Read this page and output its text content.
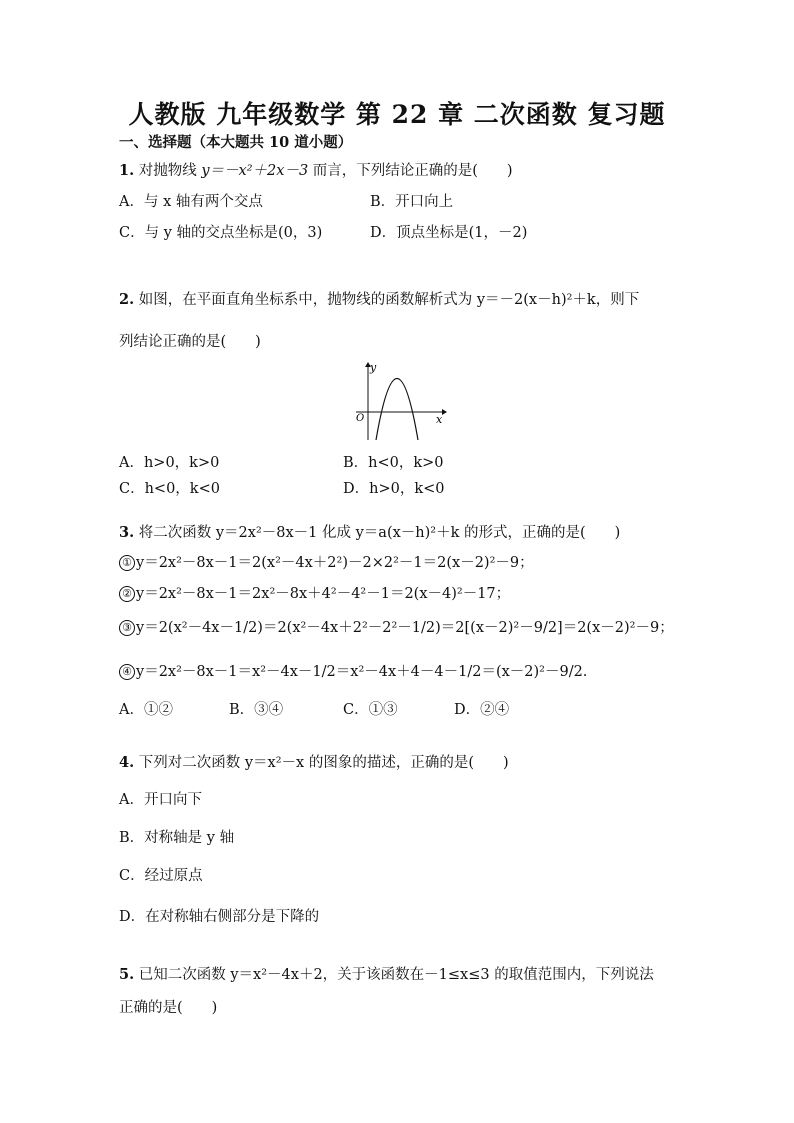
人教版 九年级数学 第 22 章 二次函数 复习题
一、选择题（本大题共 10 道小题）
1. 对抛物线 y＝－x²＋2x－3 而言，下列结论正确的是(　　)
A．与 x 轴有两个交点	B．开口向上
C．与 y 轴的交点坐标是(0，3)	D．顶点坐标是(1，－2)
2. 如图，在平面直角坐标系中，抛物线的函数解析式为 y＝－2(x－h)²＋k，则下
列结论正确的是(　　)
y
x
O
A．h>0，k>0	B．h<0，k>0
C．h<0，k<0	D．h>0，k<0
3. 将二次函数 y＝2x²－8x－1 化成 y＝a(x－h)²＋k 的形式，正确的是(　　)
① y＝2x²－8x－1＝2(x²－4x＋2²)－2×2²－1＝2(x－2)²－9；
② y＝2x²－8x－1＝2x²－8x＋4²－4²－1＝2(x－4)²－17；
③ y＝2(x²－4x－1/2)＝2(x²－4x＋2²－2²－1/2)＝2[(x－2)²－9/2]＝2(x－2)²－9；
④ y＝2x²－8x－1＝x²－4x－1/2＝x²－4x＋4－4－1/2＝(x－2)²－9/2.
A．①②	B．③④	C．①③	D．②④
4. 下列对二次函数 y＝x²－x 的图象的描述，正确的是(　　)
A．开口向下
B．对称轴是 y 轴
C．经过原点
D．在对称轴右侧部分是下降的
5. 已知二次函数 y＝x²－4x＋2，关于该函数在－1≤x≤3 的取值范围内，下列说法
正确的是(　　)
